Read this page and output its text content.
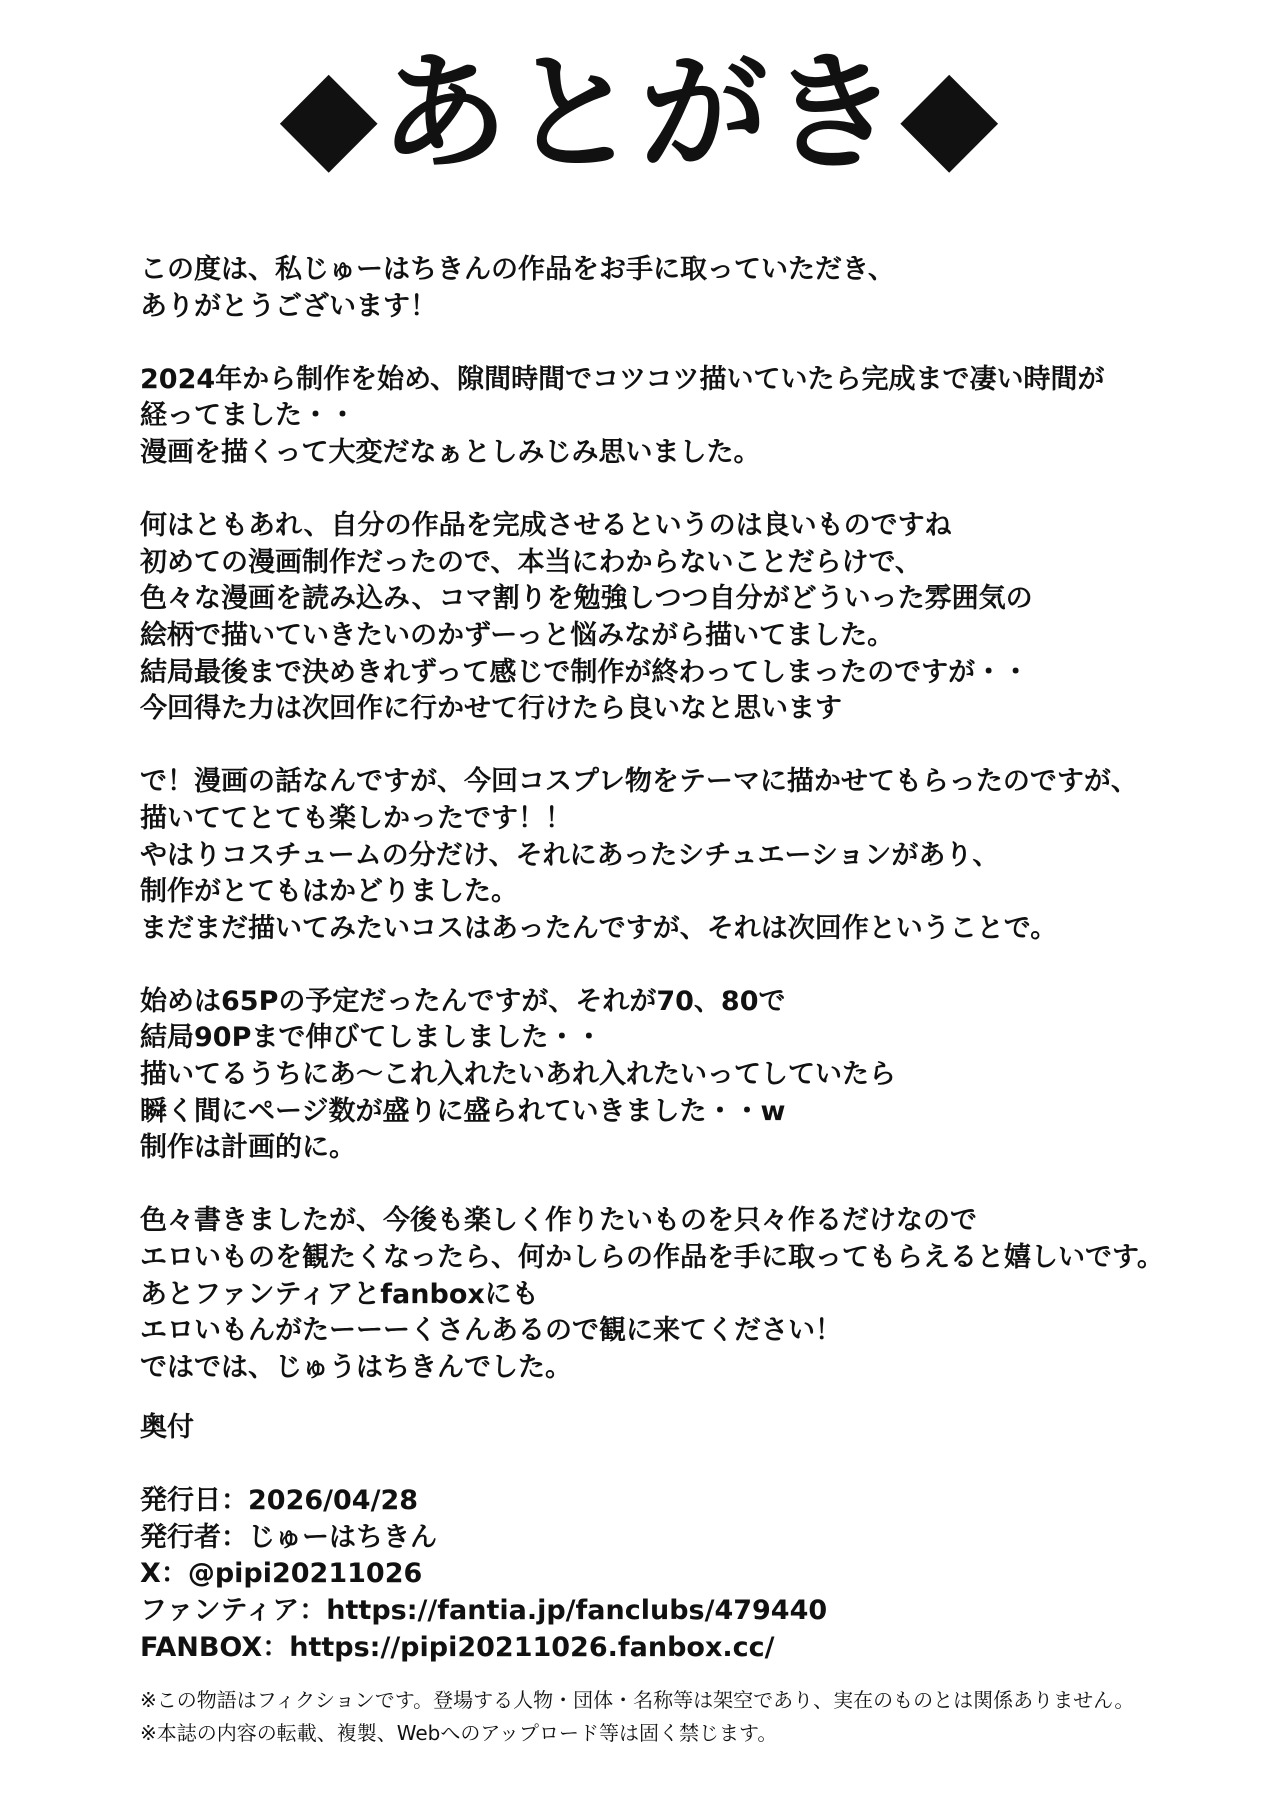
◆あとがき◆
この度は、私じゅーはちきんの作品をお手に取っていただき、
ありがとうございます！
2024年から制作を始め、隙間時間でコツコツ描いていたら完成まで凄い時間が
経ってました・・
漫画を描くって大変だなぁとしみじみ思いました。
何はともあれ、自分の作品を完成させるというのは良いものですね
初めての漫画制作だったので、本当にわからないことだらけで、
色々な漫画を読み込み、コマ割りを勉強しつつ自分がどういった雰囲気の
絵柄で描いていきたいのかずーっと悩みながら描いてました。
結局最後まで決めきれずって感じで制作が終わってしまったのですが・・
今回得た力は次回作に行かせて行けたら良いなと思います
で！漫画の話なんですが、今回コスプレ物をテーマに描かせてもらったのですが、
描いててとても楽しかったです！！
やはりコスチュームの分だけ、それにあったシチュエーションがあり、
制作がとてもはかどりました。
まだまだ描いてみたいコスはあったんですが、それは次回作ということで。
始めは65Pの予定だったんですが、それが70、80で
結局90Pまで伸びてしましました・・
描いてるうちにあ〜これ入れたいあれ入れたいってしていたら
瞬く間にページ数が盛りに盛られていきました・・w
制作は計画的に。
色々書きましたが、今後も楽しく作りたいものを只々作るだけなので
エロいものを観たくなったら、何かしらの作品を手に取ってもらえると嬉しいです。
あとファンティアとfanboxにも
エロいもんがたーーーくさんあるので観に来てください！
ではでは、じゅうはちきんでした。
奥付
発行日：2026/04/28
発行者：じゅーはちきん
X：@pipi20211026
ファンティア：https://fantia.jp/fanclubs/479440
FANBOX：https://pipi20211026.fanbox.cc/
※この物語はフィクションです。登場する人物・団体・名称等は架空であり、実在のものとは関係ありません。
※本誌の内容の転載、複製、Webへのアップロード等は固く禁じます。
